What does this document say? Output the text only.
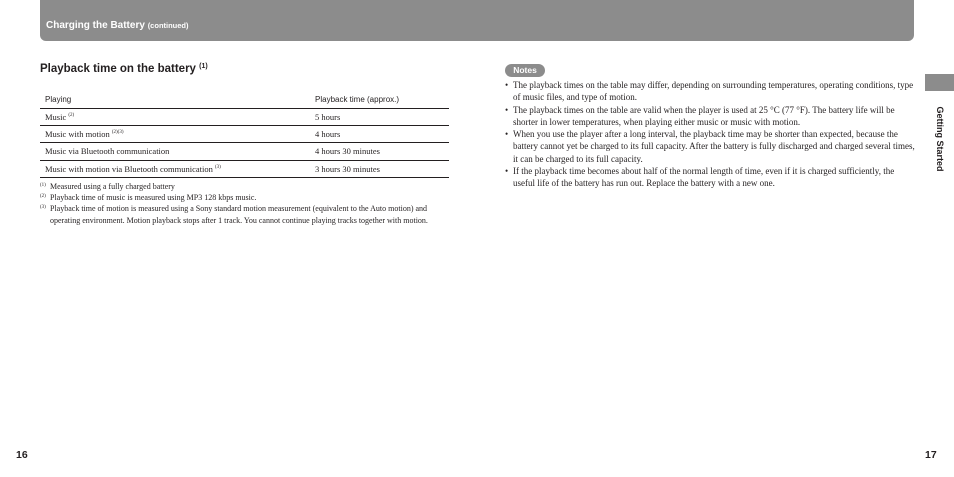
Charging the Battery (continued)
Playback time on the battery $^{(1)}$
Playing	Playback time (approx.)
Music $^{(2)}$	5 hours
Music with motion $^{(2)(3)}$	4 hours
Music via Bluetooth communication	4 hours 30 minutes
Music with motion via Bluetooth communication $^{(3)}$	3 hours 30 minutes
(1) Measured using a fully charged battery
(2) Playback time of music is measured using MP3 128 kbps music.
(3) Playback time of motion is measured using a Sony standard motion measurement (equivalent to the Auto motion) and operating environment. Motion playback stops after 1 track. You cannot continue playing tracks together with motion.
Notes
• The playback times on the table may differ, depending on surrounding temperatures, operating conditions, type of music files, and type of motion.
• The playback times on the table are valid when the player is used at 25 °C (77 °F). The battery life will be shorter in lower temperatures, when playing either music or music with motion.
• When you use the player after a long interval, the playback time may be shorter than expected, because the battery cannot yet be charged to its full capacity. After the battery is fully discharged and charged several times, it can be charged to its full capacity.
• If the playback time becomes about half of the normal length of time, even if it is charged sufficiently, the useful life of the battery has run out. Replace the battery with a new one.
Getting Started
16	17
